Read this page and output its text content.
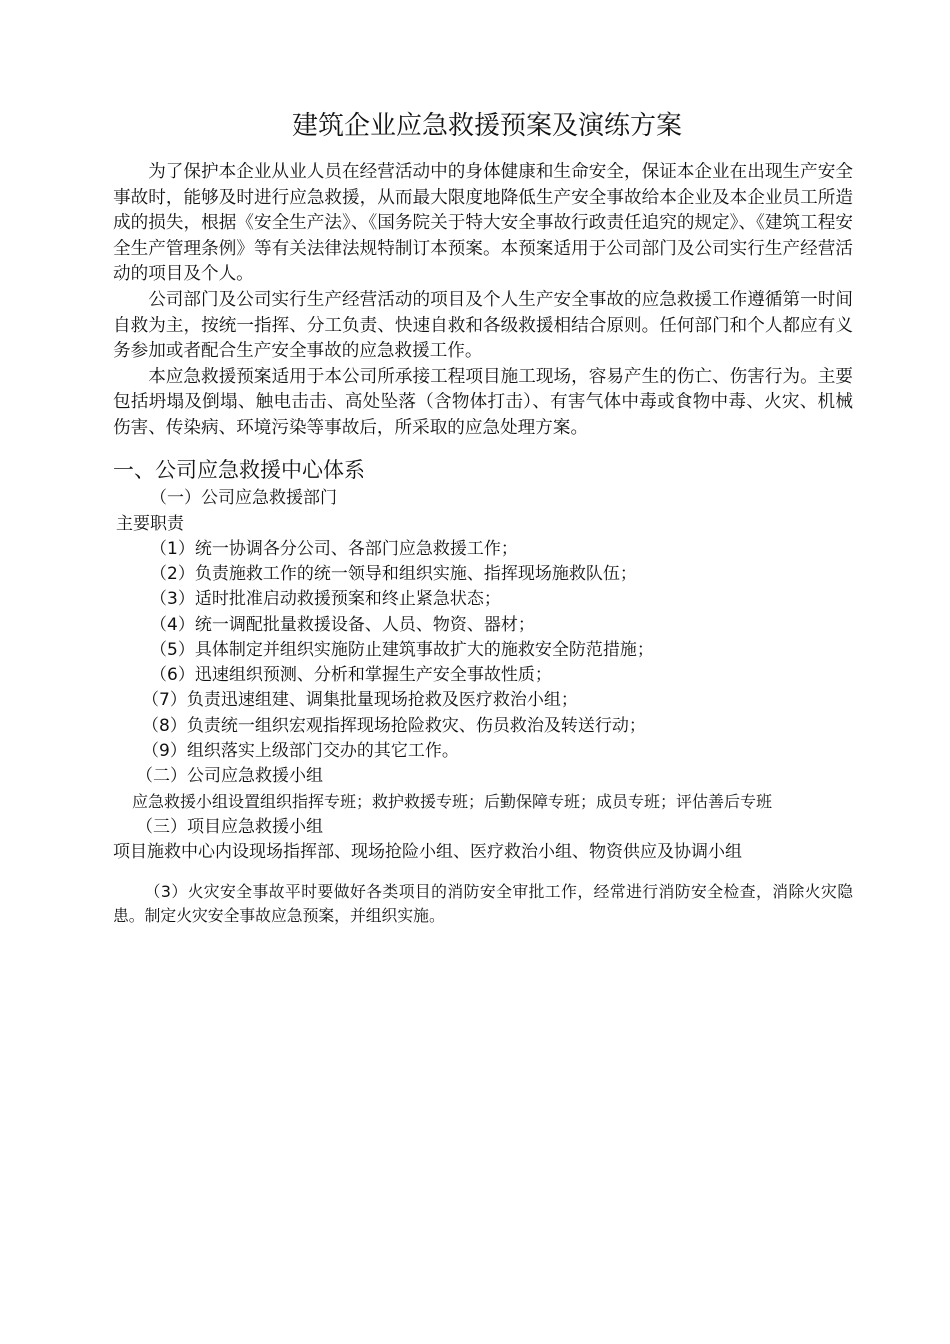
建筑企业应急救援预案及演练方案

为了保护本企业从业人员在经营活动中的身体健康和生命安全，保证本企业在出现生产安全事故时，能够及时进行应急救援，从而最大限度地降低生产安全事故给本企业及本企业员工所造成的损失，根据《安全生产法》、《国务院关于特大安全事故行政责任追究的规定》、《建筑工程安全生产管理条例》等有关法律法规特制订本预案。本预案适用于公司部门及公司实行生产经营活动的项目及个人。

公司部门及公司实行生产经营活动的项目及个人生产安全事故的应急救援工作遵循第一时间自救为主，按统一指挥、分工负责、快速自救和各级救援相结合原则。任何部门和个人都应有义务参加或者配合生产安全事故的应急救援工作。

本应急救援预案适用于本公司所承接工程项目施工现场，容易产生的伤亡、伤害行为。主要包括坍塌及倒塌、触电击击、高处坠落（含物体打击）、有害气体中毒或食物中毒、火灾、机械伤害、传染病、环境污染等事故后，所采取的应急处理方案。

一、公司应急救援中心体系
（一）公司应急救援部门
主要职责
（1）统一协调各分公司、各部门应急救援工作；
（2）负责施救工作的统一领导和组织实施、指挥现场施救队伍；
（3）适时批准启动救援预案和终止紧急状态；
（4）统一调配批量救援设备、人员、物资、器材；
（5）具体制定并组织实施防止建筑事故扩大的施救安全防范措施；
（6）迅速组织预测、分析和掌握生产安全事故性质；
（7）负责迅速组建、调集批量现场抢救及医疗救治小组；
（8）负责统一组织宏观指挥现场抢险救灾、伤员救治及转送行动；
（9）组织落实上级部门交办的其它工作。
（二）公司应急救援小组
应急救援小组设置组织指挥专班；救护救援专班；后勤保障专班；成员专班；评估善后专班
（三）项目应急救援小组
项目施救中心内设现场指挥部、现场抢险小组、医疗救治小组、物资供应及协调小组

（3）火灾安全事故平时要做好各类项目的消防安全审批工作，经常进行消防安全检查，消除火灾隐患。制定火灾安全事故应急预案，并组织实施。
